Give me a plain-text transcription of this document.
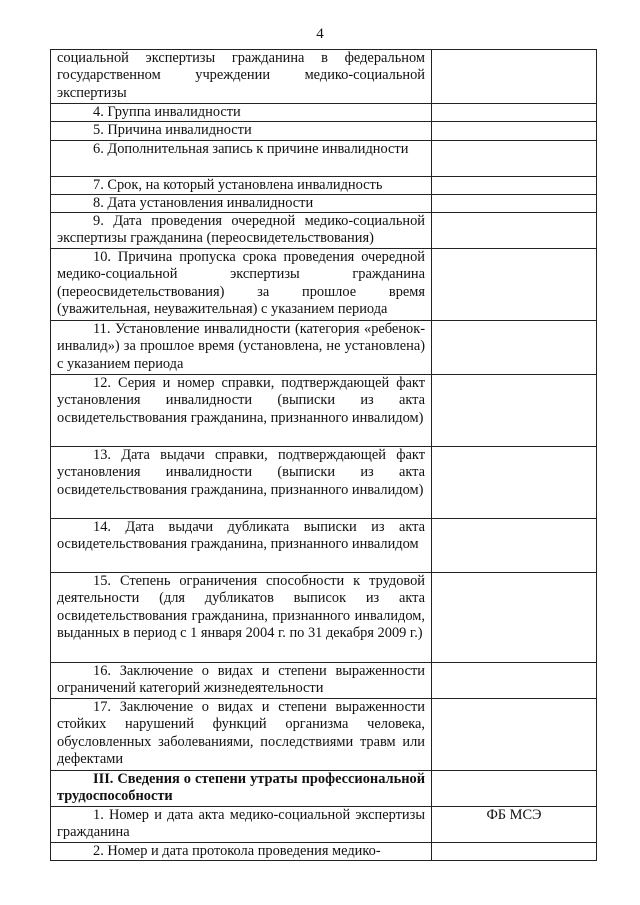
4
социальной экспертизы гражданина в федеральном государственном учреждении медико-социальной экспертизы	
4. Группа инвалидности	
5. Причина инвалидности	
6. Дополнительная запись к причине инвалидности	
7. Срок, на который установлена инвалидность	
8. Дата установления инвалидности	
9. Дата проведения очередной медико-социальной экспертизы гражданина (переосвидетельствования)	
10. Причина пропуска срока проведения очередной медико-социальной экспертизы гражданина (переосвидетельствования) за прошлое время (уважительная, неуважительная) с указанием периода	
11. Установление инвалидности (категория «ребенок-инвалид») за прошлое время (установлена, не установлена) с указанием периода	
12. Серия и номер справки, подтверждающей факт установления инвалидности (выписки из акта освидетельствования гражданина, признанного инвалидом)	
13. Дата выдачи справки, подтверждающей факт установления инвалидности (выписки из акта освидетельствования гражданина, признанного инвалидом)	
14. Дата выдачи дубликата выписки из акта освидетельствования гражданина, признанного инвалидом	
15. Степень ограничения способности к трудовой деятельности (для дубликатов выписок из акта освидетельствования гражданина, признанного инвалидом, выданных в период с 1 января 2004 г. по 31 декабря 2009 г.)	
16. Заключение о видах и степени выраженности ограничений категорий жизнедеятельности	
17. Заключение о видах и степени выраженности стойких нарушений функций организма человека, обусловленных заболеваниями, последствиями травм или дефектами	
III. Сведения о степени утраты профессиональной трудоспособности	
1. Номер и дата акта медико-социальной экспертизы гражданина	ФБ МСЭ
2. Номер и дата протокола проведения медико-	
